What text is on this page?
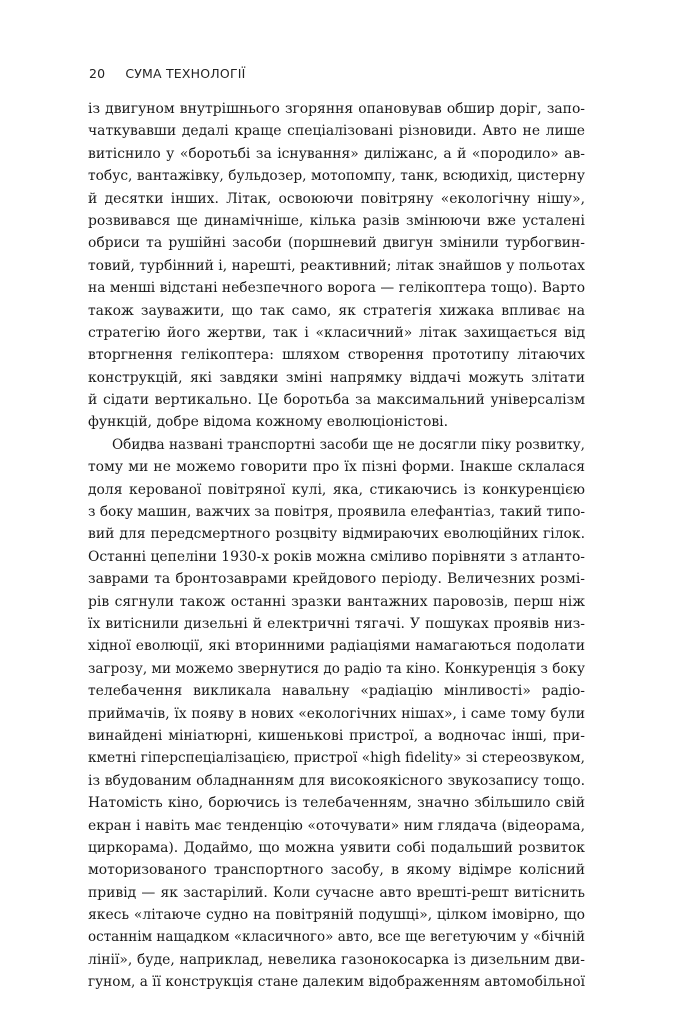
20 СУМА ТЕХНОЛОГІЇ
із двигуном внутрішнього згоряння опановував обшир доріг, запо-
чаткувавши дедалі краще спеціалізовані різновиди. Авто не лише
витіснило у «боротьбі за існування» диліжанс, а й «породило» ав-
тобус, вантажівку, бульдозер, мотопомпу, танк, всюдихід, цистерну
й десятки інших. Літак, освоюючи повітряну «екологічну нішу»,
розвивався ще динамічніше, кілька разів змінюючи вже усталені
обриси та рушійні засоби (поршневий двигун змінили турбогвин-
товий, турбінний і, нарешті, реактивний; літак знайшов у польотах
на менші відстані небезпечного ворога — гелікоптера тощо). Варто
також зауважити, що так само, як стратегія хижака впливає на
стратегію його жертви, так і «класичний» літак захищається від
вторгнення гелікоптера: шляхом створення прототипу літаючих
конструкцій, які завдяки зміні напрямку віддачі можуть злітати
й сідати вертикально. Це боротьба за максимальний універсалізм
функцій, добре відома кожному еволюціоністові.
Обидва названі транспортні засоби ще не досягли піку розвитку,
тому ми не можемо говорити про їх пізні форми. Інакше склалася
доля керованої повітряної кулі, яка, стикаючись із конкуренцією
з боку машин, важчих за повітря, проявила елефантіаз, такий типо-
вий для передсмертного розцвіту відмираючих еволюційних гілок.
Останні цепеліни 1930-х років можна сміливо порівняти з атланто-
заврами та бронтозаврами крейдового періоду. Величезних розмі-
рів сягнули також останні зразки вантажних паровозів, перш ніж
їх витіснили дизельні й електричні тягачі. У пошуках проявів низ-
хідної еволюції, які вторинними радіаціями намагаються подолати
загрозу, ми можемо звернутися до радіо та кіно. Конкуренція з боку
телебачення викликала навальну «радіацію мінливості» радіо-
приймачів, їх появу в нових «екологічних нішах», і саме тому були
винайдені мініатюрні, кишенькові пристрої, а водночас інші, при-
кметні гіперспеціалізацією, пристрої «high fidelity» зі стереозвуком,
із вбудованим обладнанням для високоякісного звукозапису тощо.
Натомість кіно, борючись із телебаченням, значно збільшило свій
екран і навіть має тенденцію «оточувати» ним глядача (відеорама,
циркорама). Додаймо, що можна уявити собі подальший розвиток
моторизованого транспортного засобу, в якому відімре колісний
привід — як застарілий. Коли сучасне авто врешті-решт витіснить
якесь «літаюче судно на повітряній подушці», цілком імовірно, що
останнім нащадком «класичного» авто, все ще вегетуючим у «бічній
лінії», буде, наприклад, невелика газонокосарка із дизельним дви-
гуном, а її конструкція стане далеким відображенням автомобільної
